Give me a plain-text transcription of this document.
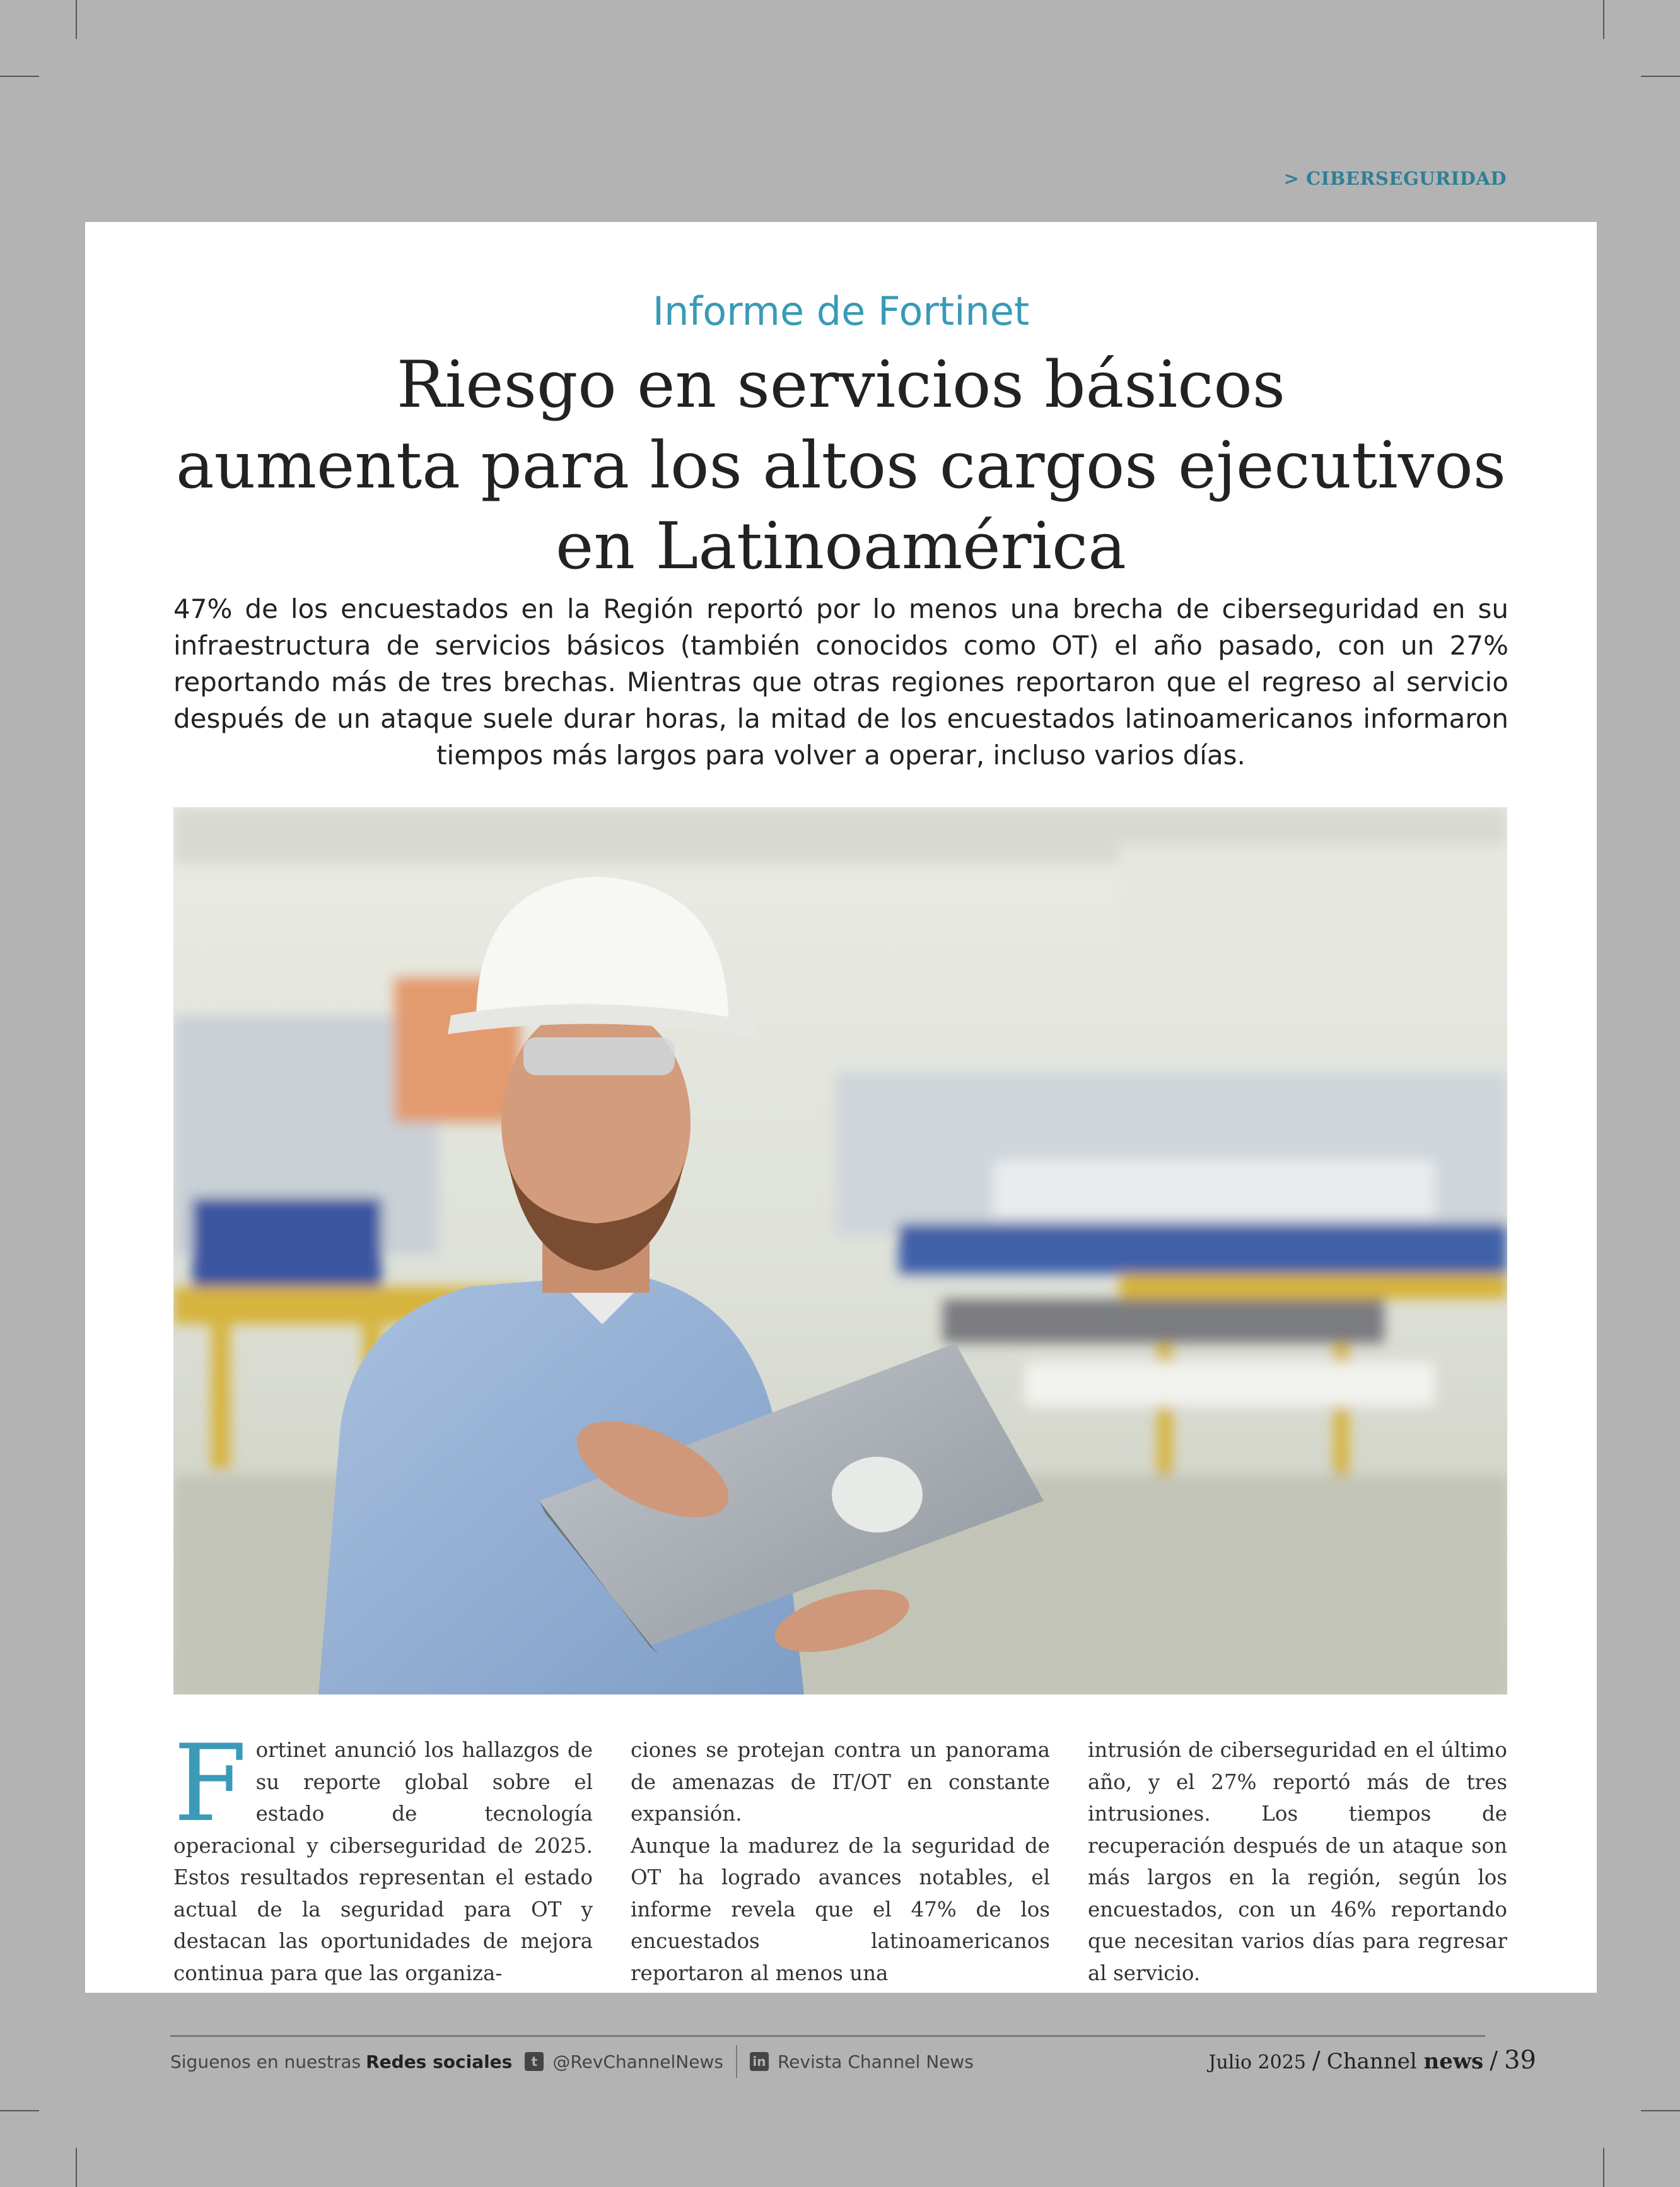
> CIBERSEGURIDAD
Informe de Fortinet
Riesgo en servicios básicos
aumenta para los altos cargos ejecutivos
en Latinoamérica

47% de los encuestados en la Región reportó por lo menos una brecha de ciberseguridad en su infraestructura de servicios básicos (también conocidos como OT) el año pasado, con un 27% reportando más de tres brechas. Mientras que otras regiones reportaron que el regreso al servicio después de un ataque suele durar horas, la mitad de los encuestados latinoamericanos informaron tiempos más largos para volver a operar, incluso varios días.

Fortinet anunció los hallazgos de su reporte global sobre el estado de tecnología operacional y ciberseguridad de 2025. Estos resultados representan el estado actual de la seguridad para OT y destacan las oportunidades de mejora continua para que las organiza-
ciones se protejan contra un panorama de amenazas de IT/OT en constante expansión.
Aunque la madurez de la seguridad de OT ha logrado avances notables, el informe revela que el 47% de los encuestados latinoamericanos reportaron al menos una
intrusión de ciberseguridad en el último año, y el 27% reportó más de tres intrusiones. Los tiempos de recuperación después de un ataque son más largos en la región, según los encuestados, con un 46% reportando que necesitan varios días para regresar al servicio.
Siguenos en nuestras Redes sociales	t @RevChannelNews in Revista Channel News	Julio 2025 / Channel news / 39
